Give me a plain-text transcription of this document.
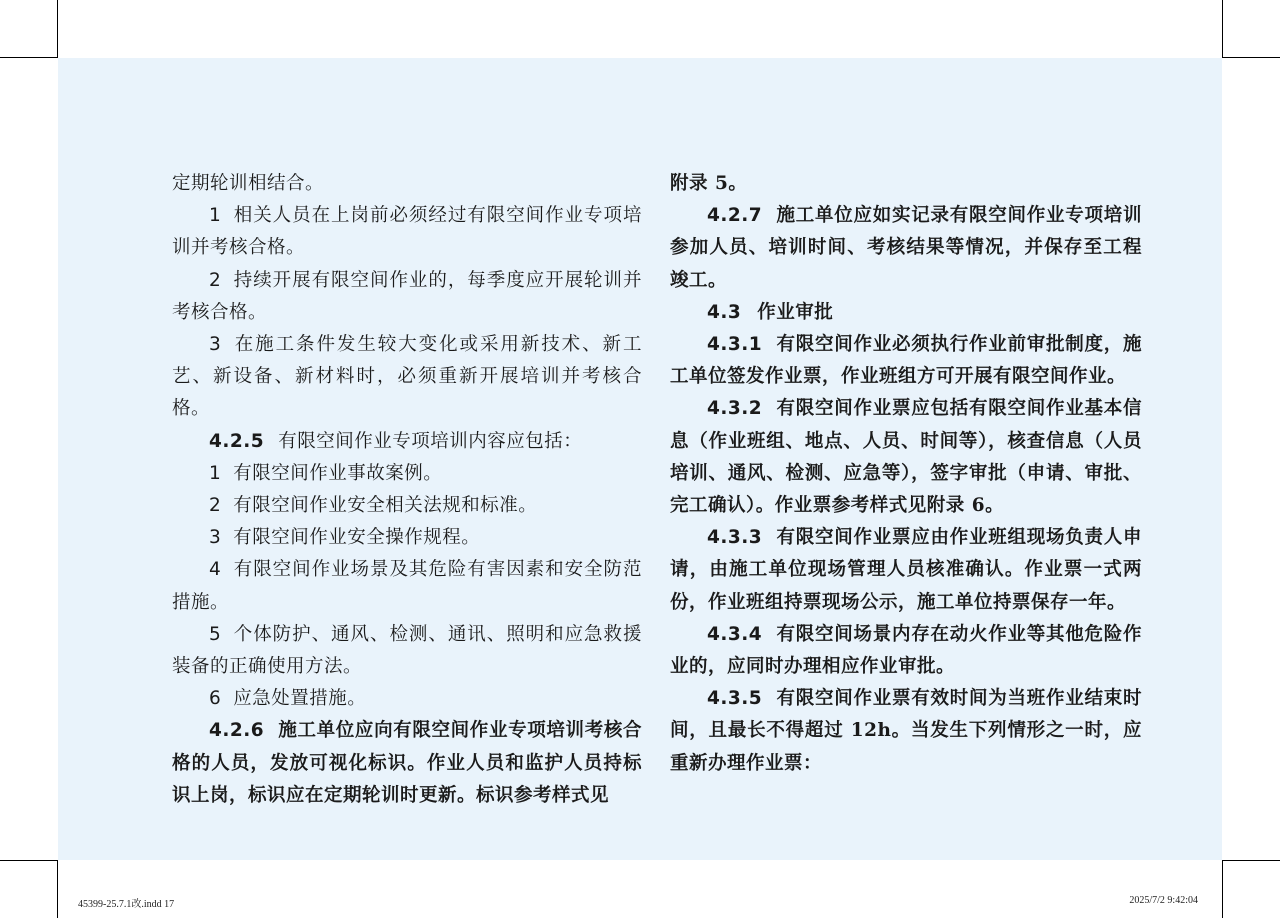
定期轮训相结合。

1 相关人员在上岗前必须经过有限空间作业专项培训并考核合格。

2 持续开展有限空间作业的，每季度应开展轮训并考核合格。

3 在施工条件发生较大变化或采用新技术、新工艺、新设备、新材料时，必须重新开展培训并考核合格。

4.2.5 有限空间作业专项培训内容应包括：

1 有限空间作业事故案例。

2 有限空间作业安全相关法规和标准。

3 有限空间作业安全操作规程。

4 有限空间作业场景及其危险有害因素和安全防范措施。

5 个体防护、通风、检测、通讯、照明和应急救援装备的正确使用方法。

6 应急处置措施。

4.2.6 施工单位应向有限空间作业专项培训考核合格的人员，发放可视化标识。作业人员和监护人员持标识上岗，标识应在定期轮训时更新。标识参考样式见

附录 5。

4.2.7 施工单位应如实记录有限空间作业专项培训参加人员、培训时间、考核结果等情况，并保存至工程竣工。

4.3 作业审批

4.3.1 有限空间作业必须执行作业前审批制度，施工单位签发作业票，作业班组方可开展有限空间作业。

4.3.2 有限空间作业票应包括有限空间作业基本信息（作业班组、地点、人员、时间等），核查信息（人员培训、通风、检测、应急等），签字审批（申请、审批、完工确认）。作业票参考样式见附录 6。

4.3.3 有限空间作业票应由作业班组现场负责人申请，由施工单位现场管理人员核准确认。作业票一式两份，作业班组持票现场公示，施工单位持票保存一年。

4.3.4 有限空间场景内存在动火作业等其他危险作业的，应同时办理相应作业审批。

4.3.5 有限空间作业票有效时间为当班作业结束时间，且最长不得超过 12h。当发生下列情形之一时，应重新办理作业票：

45399-25.7.1改.indd 17	2025/7/2 9:42:04
